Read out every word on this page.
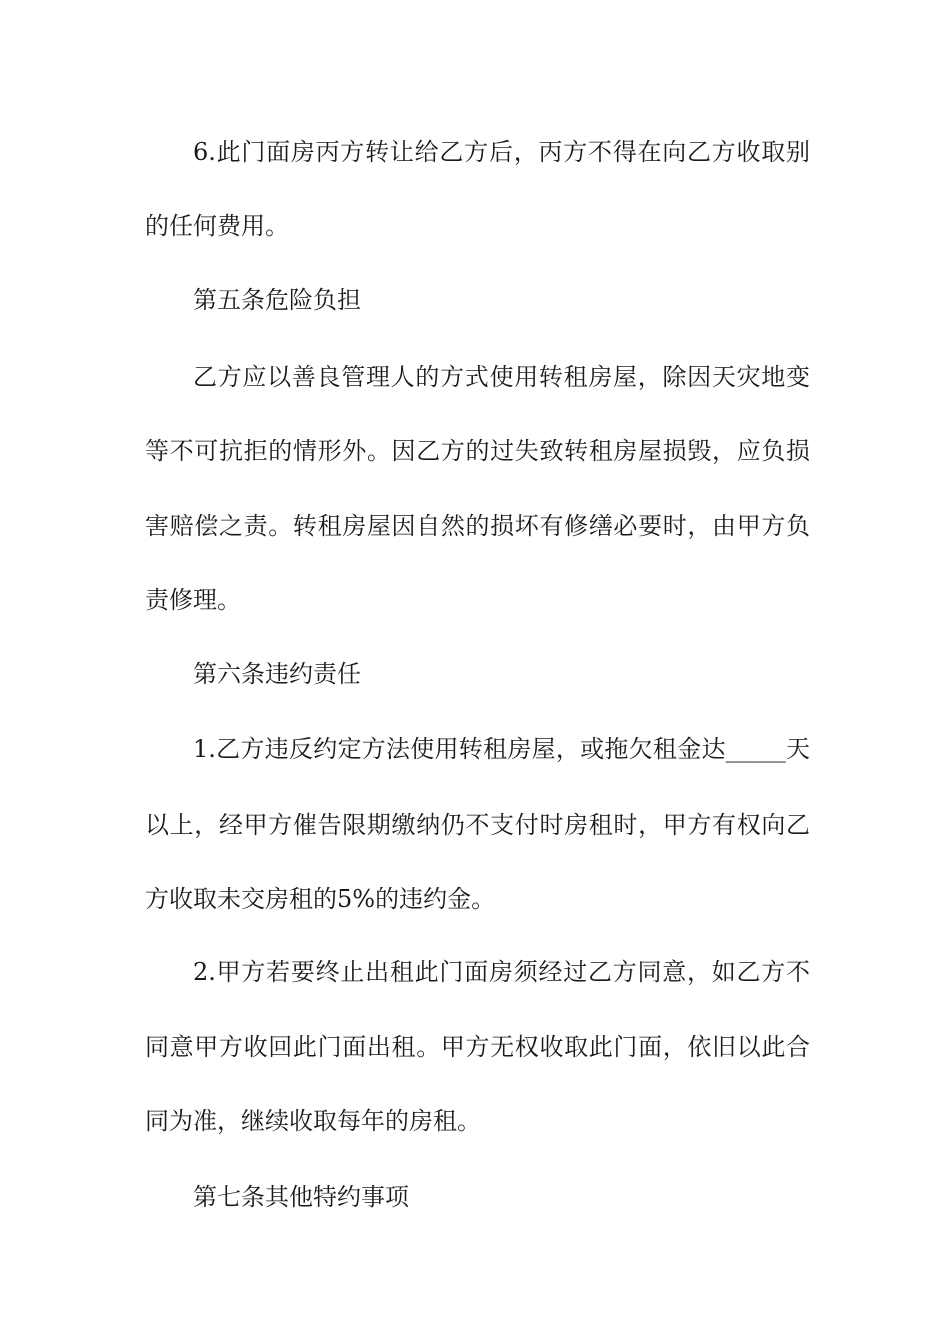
6.此门面房丙方转让给乙方后，丙方不得在向乙方收取别
的任何费用。
第五条危险负担
乙方应以善良管理人的方式使用转租房屋，除因天灾地变
等不可抗拒的情形外。因乙方的过失致转租房屋损毁，应负损
害赔偿之责。转租房屋因自然的损坏有修缮必要时，由甲方负
责修理。
第六条违约责任
1.乙方违反约定方法使用转租房屋，或拖欠租金达_____天
以上，经甲方催告限期缴纳仍不支付时房租时，甲方有权向乙
方收取未交房租的5%的违约金。
2.甲方若要终止出租此门面房须经过乙方同意，如乙方不
同意甲方收回此门面出租。甲方无权收取此门面，依旧以此合
同为准，继续收取每年的房租。
第七条其他特约事项
